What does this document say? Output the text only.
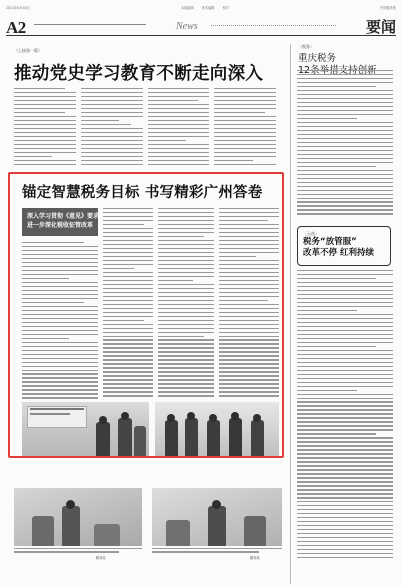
2021年6月18日	本版编辑	美术编辑	校对	中国税务报
A2	News	要闻
（上接第一版）
推动党史学习教育不断走向深入
锚定智慧税务目标 书写精彩广州答卷
深入学习贯彻《意见》要求·
进一步深化税收征管改革
税务局	税务局
〔税务〕
重庆税务
〔云南〕
税务“放管服”
改革不停 红利持续
